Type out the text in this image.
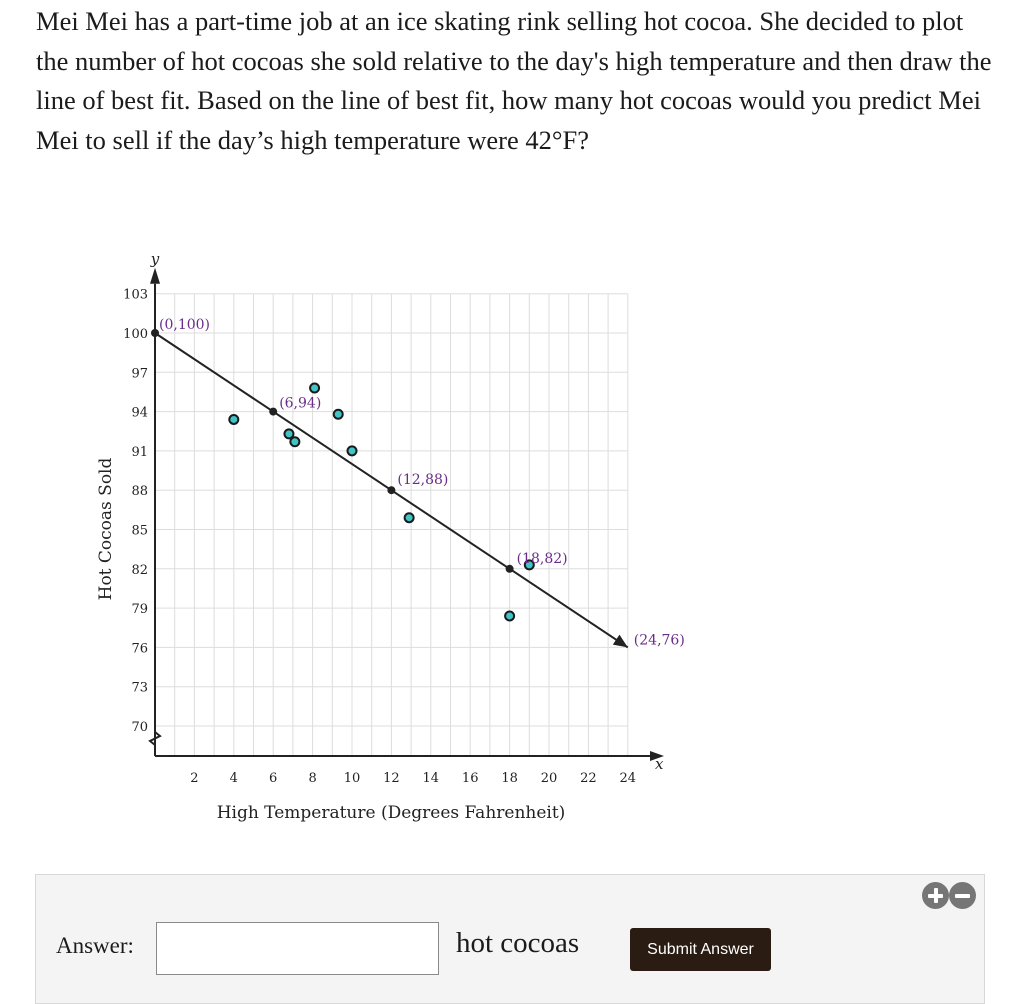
Mei Mei has a part-time job at an ice skating rink selling hot cocoa. She decided to plot the number of hot cocoas she sold relative to the day's high temperature and then draw the line of best fit. Based on the line of best fit, how many hot cocoas would you predict Mei Mei to sell if the day’s high temperature were 42°F?

2 4 6 8 10 12 14 16 18 20 22 24
70
73
76
79
82
85
88
91
94
97
100
103
(0,100)
(6,94)
(12,88)
(18,82)
(24,76)
High Temperature (Degrees Fahrenheit)
Hot Cocoas Sold
x
y
Answer:	hot cocoas	Submit Answer
